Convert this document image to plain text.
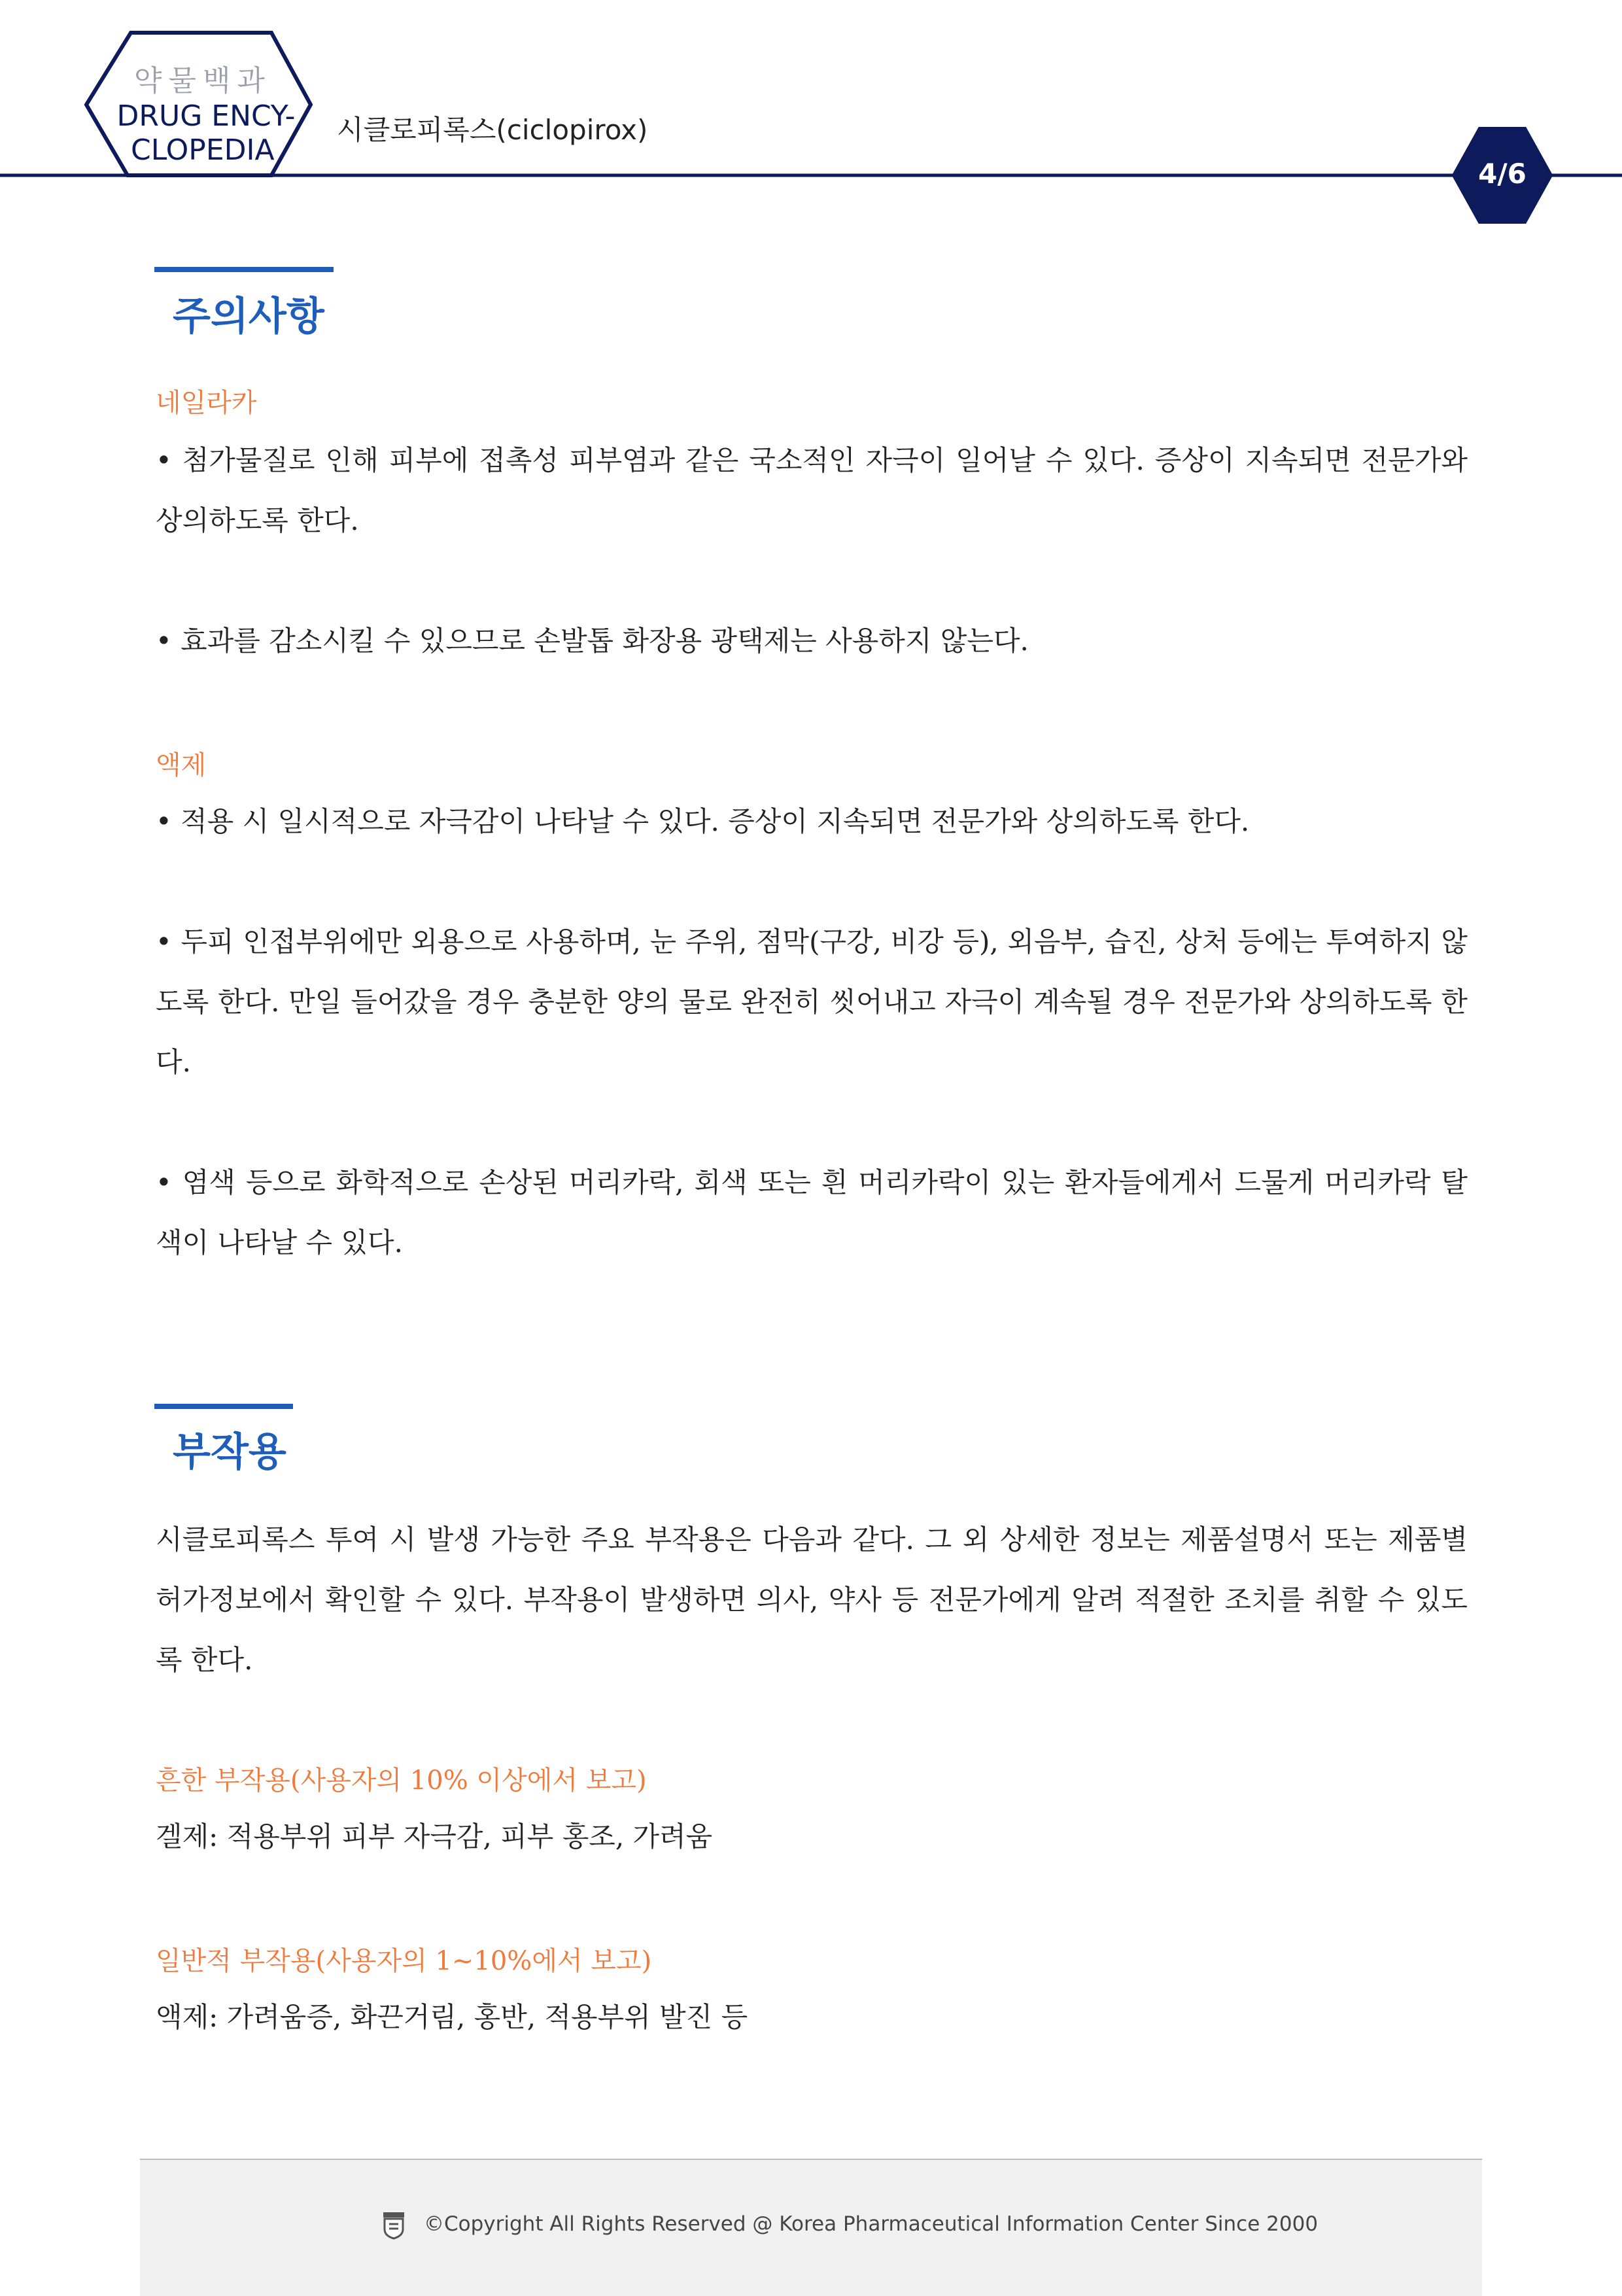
약물백과
DRUG ENCY-
CLOPEDIA
시클로피록스(ciclopirox)
4/6
주의사항
네일라카
• 첨가물질로 인해 피부에 접촉성 피부염과 같은 국소적인 자극이 일어날 수 있다. 증상이 지속되면 전문가와 상의하도록 한다.
• 효과를 감소시킬 수 있으므로 손발톱 화장용 광택제는 사용하지 않는다.
액제
• 적용 시 일시적으로 자극감이 나타날 수 있다. 증상이 지속되면 전문가와 상의하도록 한다.
• 두피 인접부위에만 외용으로 사용하며, 눈 주위, 점막(구강, 비강 등), 외음부, 습진, 상처 등에는 투여하지 않도록 한다. 만일 들어갔을 경우 충분한 양의 물로 완전히 씻어내고 자극이 계속될 경우 전문가와 상의하도록 한다.
• 염색 등으로 화학적으로 손상된 머리카락, 회색 또는 흰 머리카락이 있는 환자들에게서 드물게 머리카락 탈색이 나타날 수 있다.
부작용
시클로피록스 투여 시 발생 가능한 주요 부작용은 다음과 같다. 그 외 상세한 정보는 제품설명서 또는 제품별 허가정보에서 확인할 수 있다. 부작용이 발생하면 의사, 약사 등 전문가에게 알려 적절한 조치를 취할 수 있도록 한다.
흔한 부작용(사용자의 10% 이상에서 보고)
겔제: 적용부위 피부 자극감, 피부 홍조, 가려움
일반적 부작용(사용자의 1~10%에서 보고)
액제: 가려움증, 화끈거림, 홍반, 적용부위 발진 등
©Copyright All Rights Reserved @ Korea Pharmaceutical Information Center Since 2000
